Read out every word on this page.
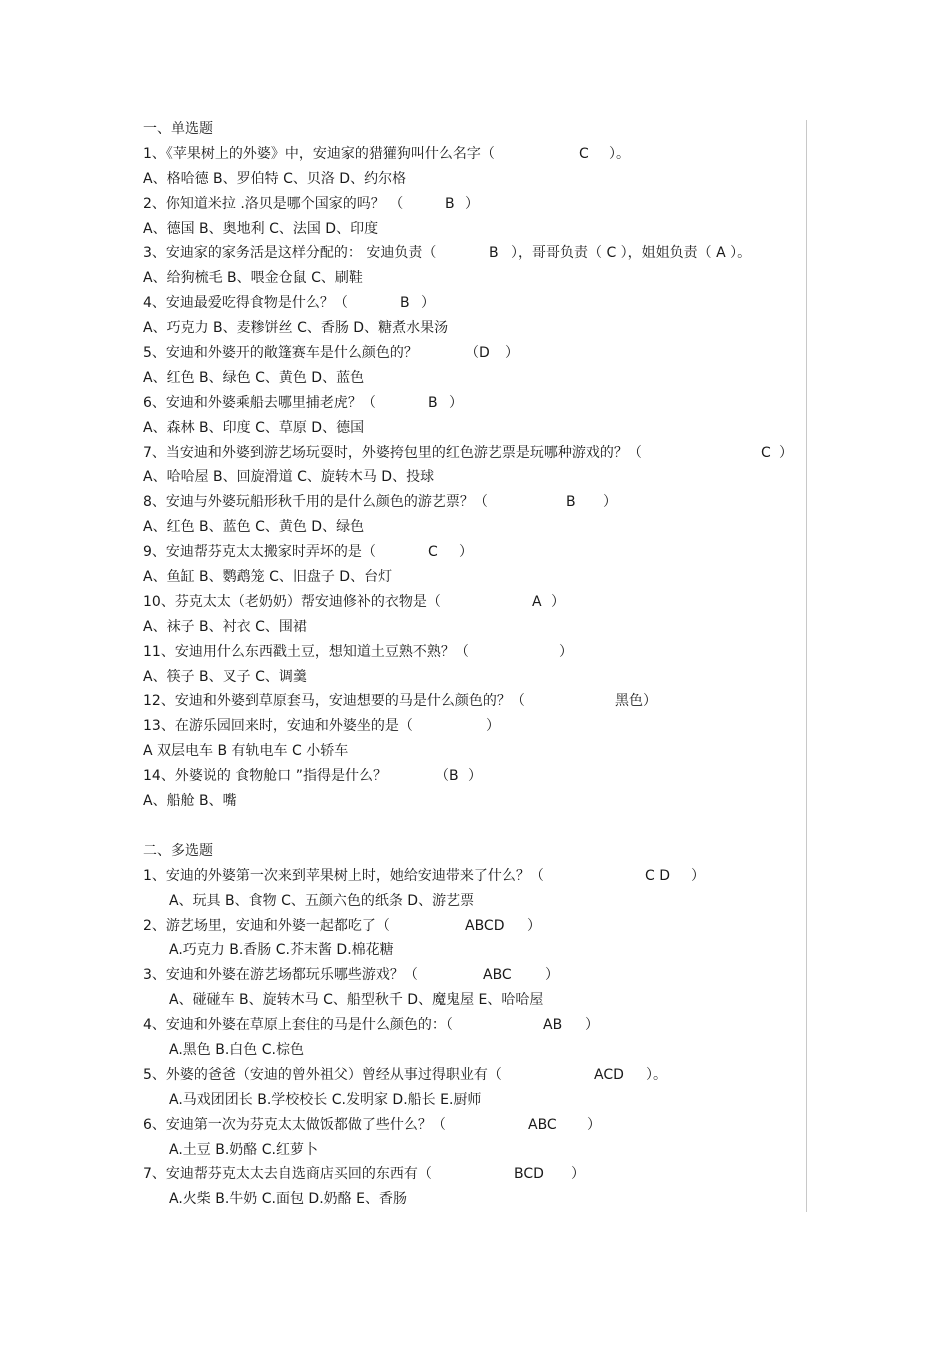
一、单选题
1、《苹果树上的外婆》中，安迪家的猎獾狗叫什么名字（	C ）。
A、格哈德 B、罗伯特 C、贝洛 D、约尔格
2、你知道米拉 .洛贝是哪个国家的吗？ （	B ）
A、德国 B、奥地利 C、法国 D、印度
3、安迪家的家务活是这样分配的： 安迪负责（	B ），哥哥负责（ C ），姐姐负责（ A ）。
A、给狗梳毛 B、喂金仓鼠 C、刷鞋
4、安迪最爱吃得食物是什么？（	B ）
A、巧克力 B、麦糁饼丝 C、香肠 D、糖煮水果汤
5、安迪和外婆开的敞篷赛车是什么颜色的？	（D ）
A、红色 B、绿色 C、黄色 D、蓝色
6、安迪和外婆乘船去哪里捕老虎？（	B ）
A、森林 B、印度 C、草原 D、德国
7、当安迪和外婆到游艺场玩耍时，外婆挎包里的红色游艺票是玩哪种游戏的？（	C ）
A、哈哈屋 B、回旋滑道 C、旋转木马 D、投球
8、安迪与外婆玩船形秋千用的是什么颜色的游艺票？（	B ）
A、红色 B、蓝色 C、黄色 D、绿色
9、安迪帮芬克太太搬家时弄坏的是（	C ）
A、鱼缸 B、鹦鹉笼 C、旧盘子 D、台灯
10、芬克太太（老奶奶）帮安迪修补的衣物是（	A ）
A、袜子 B、衬衣 C、围裙
11、安迪用什么东西戳土豆，想知道土豆熟不熟？（	）
A、筷子 B、叉子 C、调羹
12、安迪和外婆到草原套马，安迪想要的马是什么颜色的？（	黑色 ）
13、在游乐园回来时，安迪和外婆坐的是（	）
A 双层电车 B 有轨电车 C 小轿车
14、外婆说的 食物舱口 ”指得是什么？	（B ）
A、船舱 B、嘴
二、多选题
1、安迪的外婆第一次来到苹果树上时，她给安迪带来了什么？（	C D ）
A、玩具 B、食物 C、五颜六色的纸条 D、游艺票
2、游艺场里，安迪和外婆一起都吃了（	ABCD ）
A.巧克力 B.香肠 C.芥末酱 D.棉花糖
3、安迪和外婆在游艺场都玩乐哪些游戏？（	ABC ）
A、碰碰车 B、旋转木马 C、船型秋千 D、魔鬼屋 E、哈哈屋
4、安迪和外婆在草原上套住的马是什么颜色的：（	AB ）
A.黑色 B.白色 C.棕色
5、外婆的爸爸（安迪的曾外祖父）曾经从事过得职业有（	ACD ）。
A.马戏团团长 B.学校校长 C.发明家 D.船长 E.厨师
6、安迪第一次为芬克太太做饭都做了些什么？（	ABC ）
A.土豆 B.奶酪 C.红萝卜
7、安迪帮芬克太太去自选商店买回的东西有（	BCD ）
A.火柴 B.牛奶 C.面包 D.奶酪 E、香肠
